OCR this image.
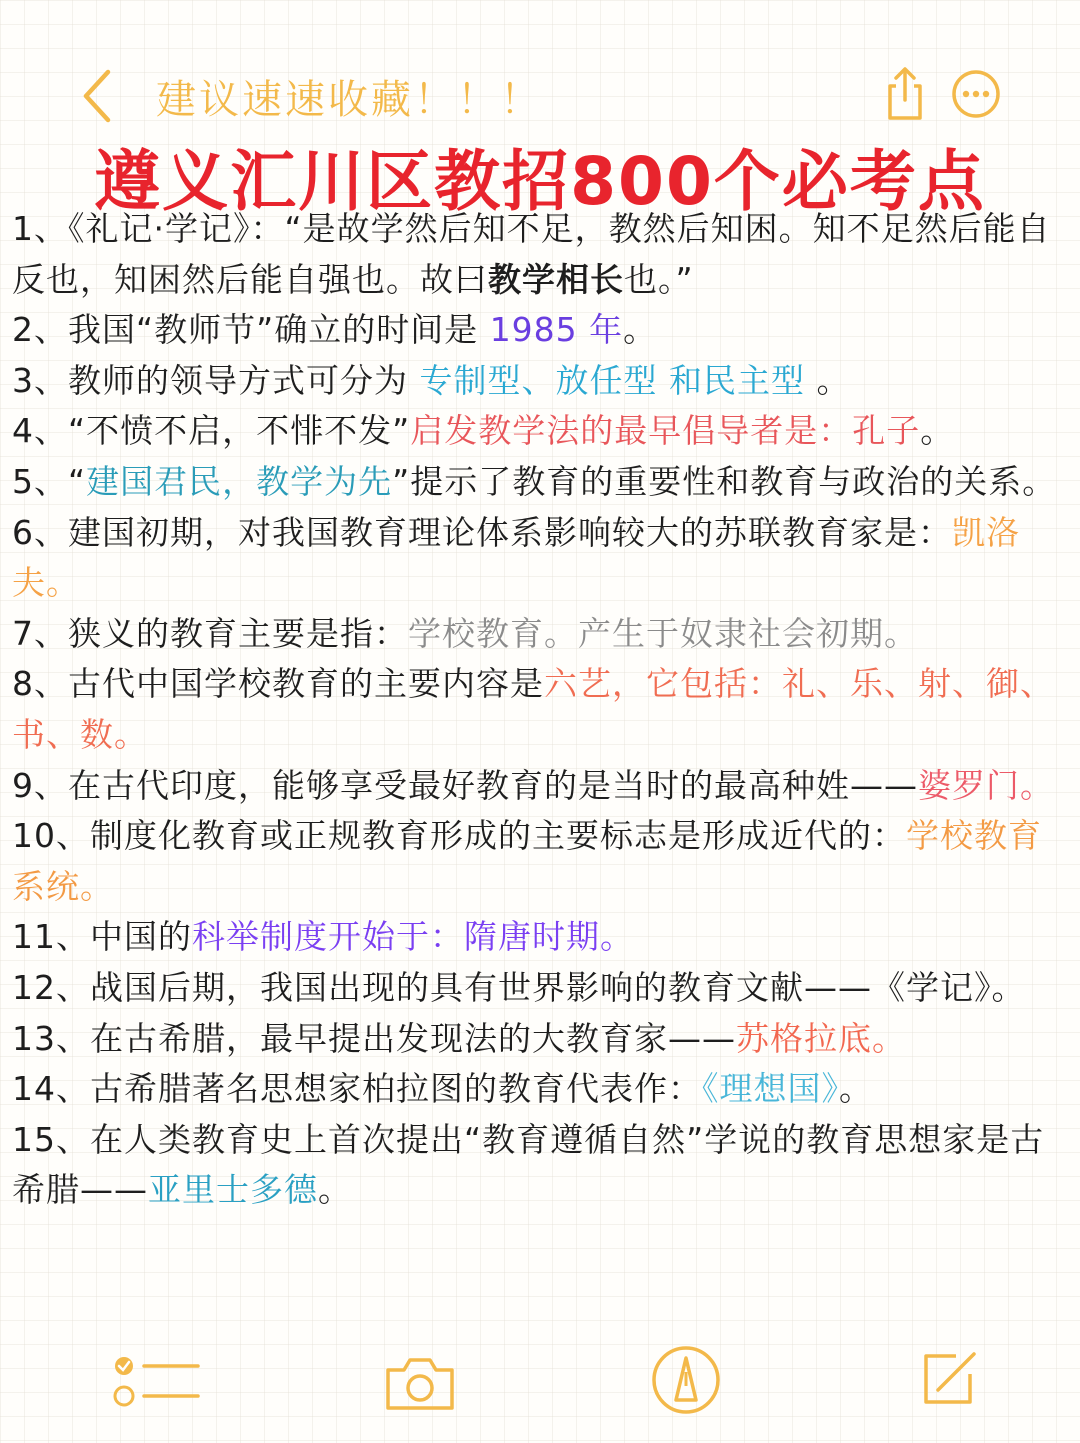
建议速速收藏！！！
遵义汇川区教招800个必考点
1、《礼记·学记》：“是故学然后知不足，教然后知困。知不足然后能自反也，知困然后能自强也。故曰教学相长也。”
2、我国“教师节”确立的时间是 1985 年。
3、教师的领导方式可分为 专制型、放任型 和民主型 。
4、“不愤不启，不悱不发”启发教学法的最早倡导者是：孔子。
5、“建国君民，教学为先”提示了教育的重要性和教育与政治的关系。
6、建国初期，对我国教育理论体系影响较大的苏联教育家是：凯洛夫。
7、狭义的教育主要是指：学校教育。产生于奴隶社会初期。
8、古代中国学校教育的主要内容是六艺，它包括：礼、乐、射、御、书、数。
9、在古代印度，能够享受最好教育的是当时的最高种姓——婆罗门。
10、制度化教育或正规教育形成的主要标志是形成近代的：学校教育系统。
11、中国的科举制度开始于：隋唐时期。
12、战国后期，我国出现的具有世界影响的教育文献——《学记》。
13、在古希腊，最早提出发现法的大教育家——苏格拉底。
14、古希腊著名思想家柏拉图的教育代表作：《理想国》。
15、在人类教育史上首次提出“教育遵循自然”学说的教育思想家是古希腊——亚里士多德。
